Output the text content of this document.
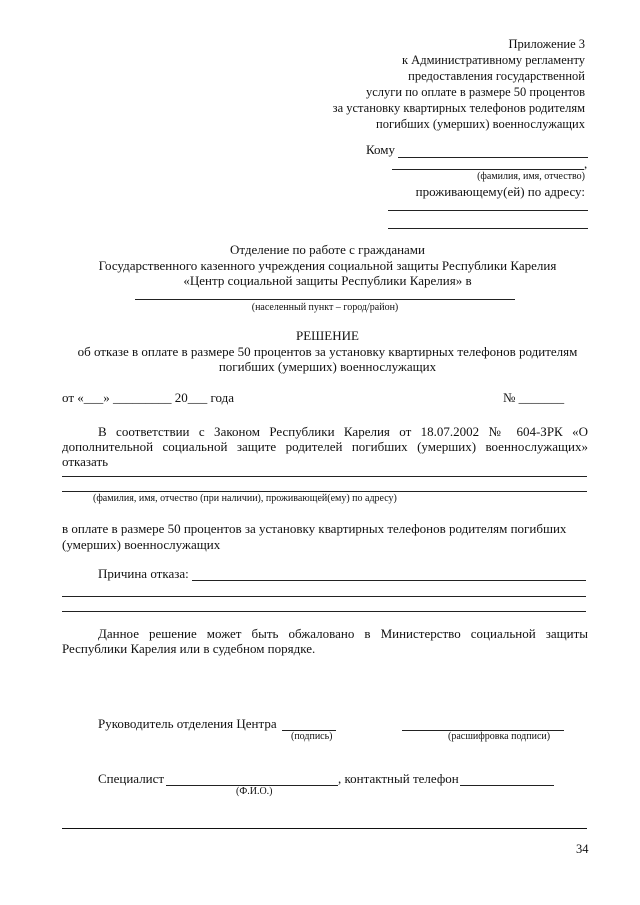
Приложение 3
к Административному регламенту
предоставления государственной
услуги по оплате в размере 50 процентов
за установку квартирных телефонов родителям
погибших (умерших) военнослужащих
Кому
,
(фамилия, имя, отчество)
проживающему(ей) по адресу:
Отделение по работе с гражданами
Государственного казенного учреждения социальной защиты Республики Карелия
«Центр социальной защиты Республики Карелия» в
(населенный пункт – город/район)
РЕШЕНИЕ
об отказе в оплате в размере 50 процентов за установку квартирных телефонов родителям
погибших (умерших) военнослужащих
от «___» _________ 20___ года	№ _______
В соответствии с Законом Республики Карелия от 18.07.2002 № 604-ЗРК «О
дополнительной социальной защите родителей погибших (умерших) военнослужащих»
отказать
(фамилия, имя, отчество (при наличии), проживающей(ему) по адресу)
в оплате в размере 50 процентов за установку квартирных телефонов родителям погибших
(умерших) военнослужащих
Причина отказа:
Данное решение может быть обжаловано в Министерство социальной защиты
Республики Карелия или в судебном порядке.
Руководитель отделения Центра
(подпись)	(расшифровка подписи)
Специалист
(Ф.И.О.)
, контактный телефон
34
